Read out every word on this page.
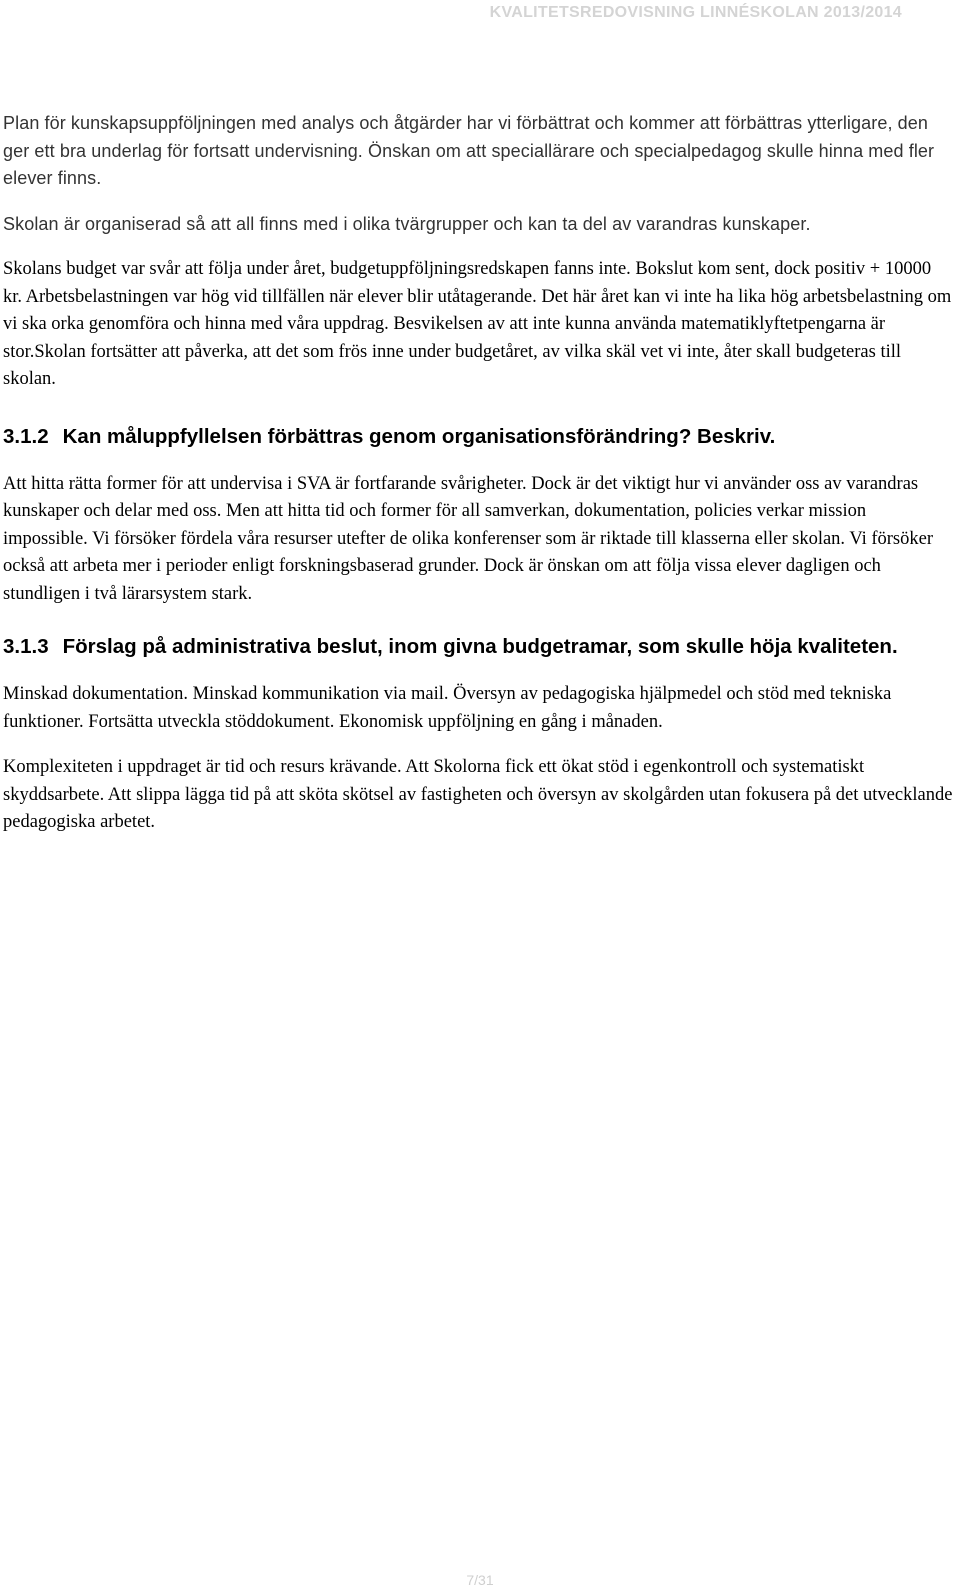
KVALITETSREDOVISNING LINNÉSKOLAN 2013/2014

Plan för kunskapsuppföljningen med analys och åtgärder har vi förbättrat och kommer att förbättras ytterligare, den ger ett bra underlag för fortsatt undervisning. Önskan om att speciallärare och specialpedagog skulle hinna med fler elever finns.

Skolan är organiserad så att all finns med i olika tvärgrupper och kan ta del av varandras kunskaper.

Skolans budget var svår att följa under året, budgetuppföljningsredskapen fanns inte. Bokslut kom sent, dock positiv + 10000 kr. Arbetsbelastningen var hög vid tillfällen när elever blir utåtagerande. Det här året kan vi inte ha lika hög arbetsbelastning om vi ska orka genomföra och hinna med våra uppdrag. Besvikelsen av att inte kunna använda matematiklyftetpengarna är stor.Skolan fortsätter att påverka, att det som frös inne under budgetåret, av vilka skäl vet vi inte, åter skall budgeteras till skolan.

3.1.2 Kan måluppfyllelsen förbättras genom organisationsförändring? Beskriv.

Att hitta rätta former för att undervisa i SVA är fortfarande svårigheter. Dock är det viktigt hur vi använder oss av varandras kunskaper och delar med oss. Men att hitta tid och former för all samverkan, dokumentation, policies verkar mission impossible. Vi försöker fördela våra resurser utefter de olika konferenser som är riktade till klasserna eller skolan. Vi försöker också att arbeta mer i perioder enligt forskningsbaserad grunder. Dock är önskan om att följa vissa elever dagligen och stundligen i två lärarsystem stark.

3.1.3 Förslag på administrativa beslut, inom givna budgetramar, som skulle höja kvaliteten.

Minskad dokumentation. Minskad kommunikation via mail. Översyn av pedagogiska hjälpmedel och stöd med tekniska funktioner. Fortsätta utveckla stöddokument. Ekonomisk uppföljning en gång i månaden.

Komplexiteten i uppdraget är tid och resurs krävande. Att Skolorna fick ett ökat stöd i egenkontroll och systematiskt skyddsarbete. Att slippa lägga tid på att sköta skötsel av fastigheten och översyn av skolgården utan fokusera på det utvecklande pedagogiska arbetet.

7/31
